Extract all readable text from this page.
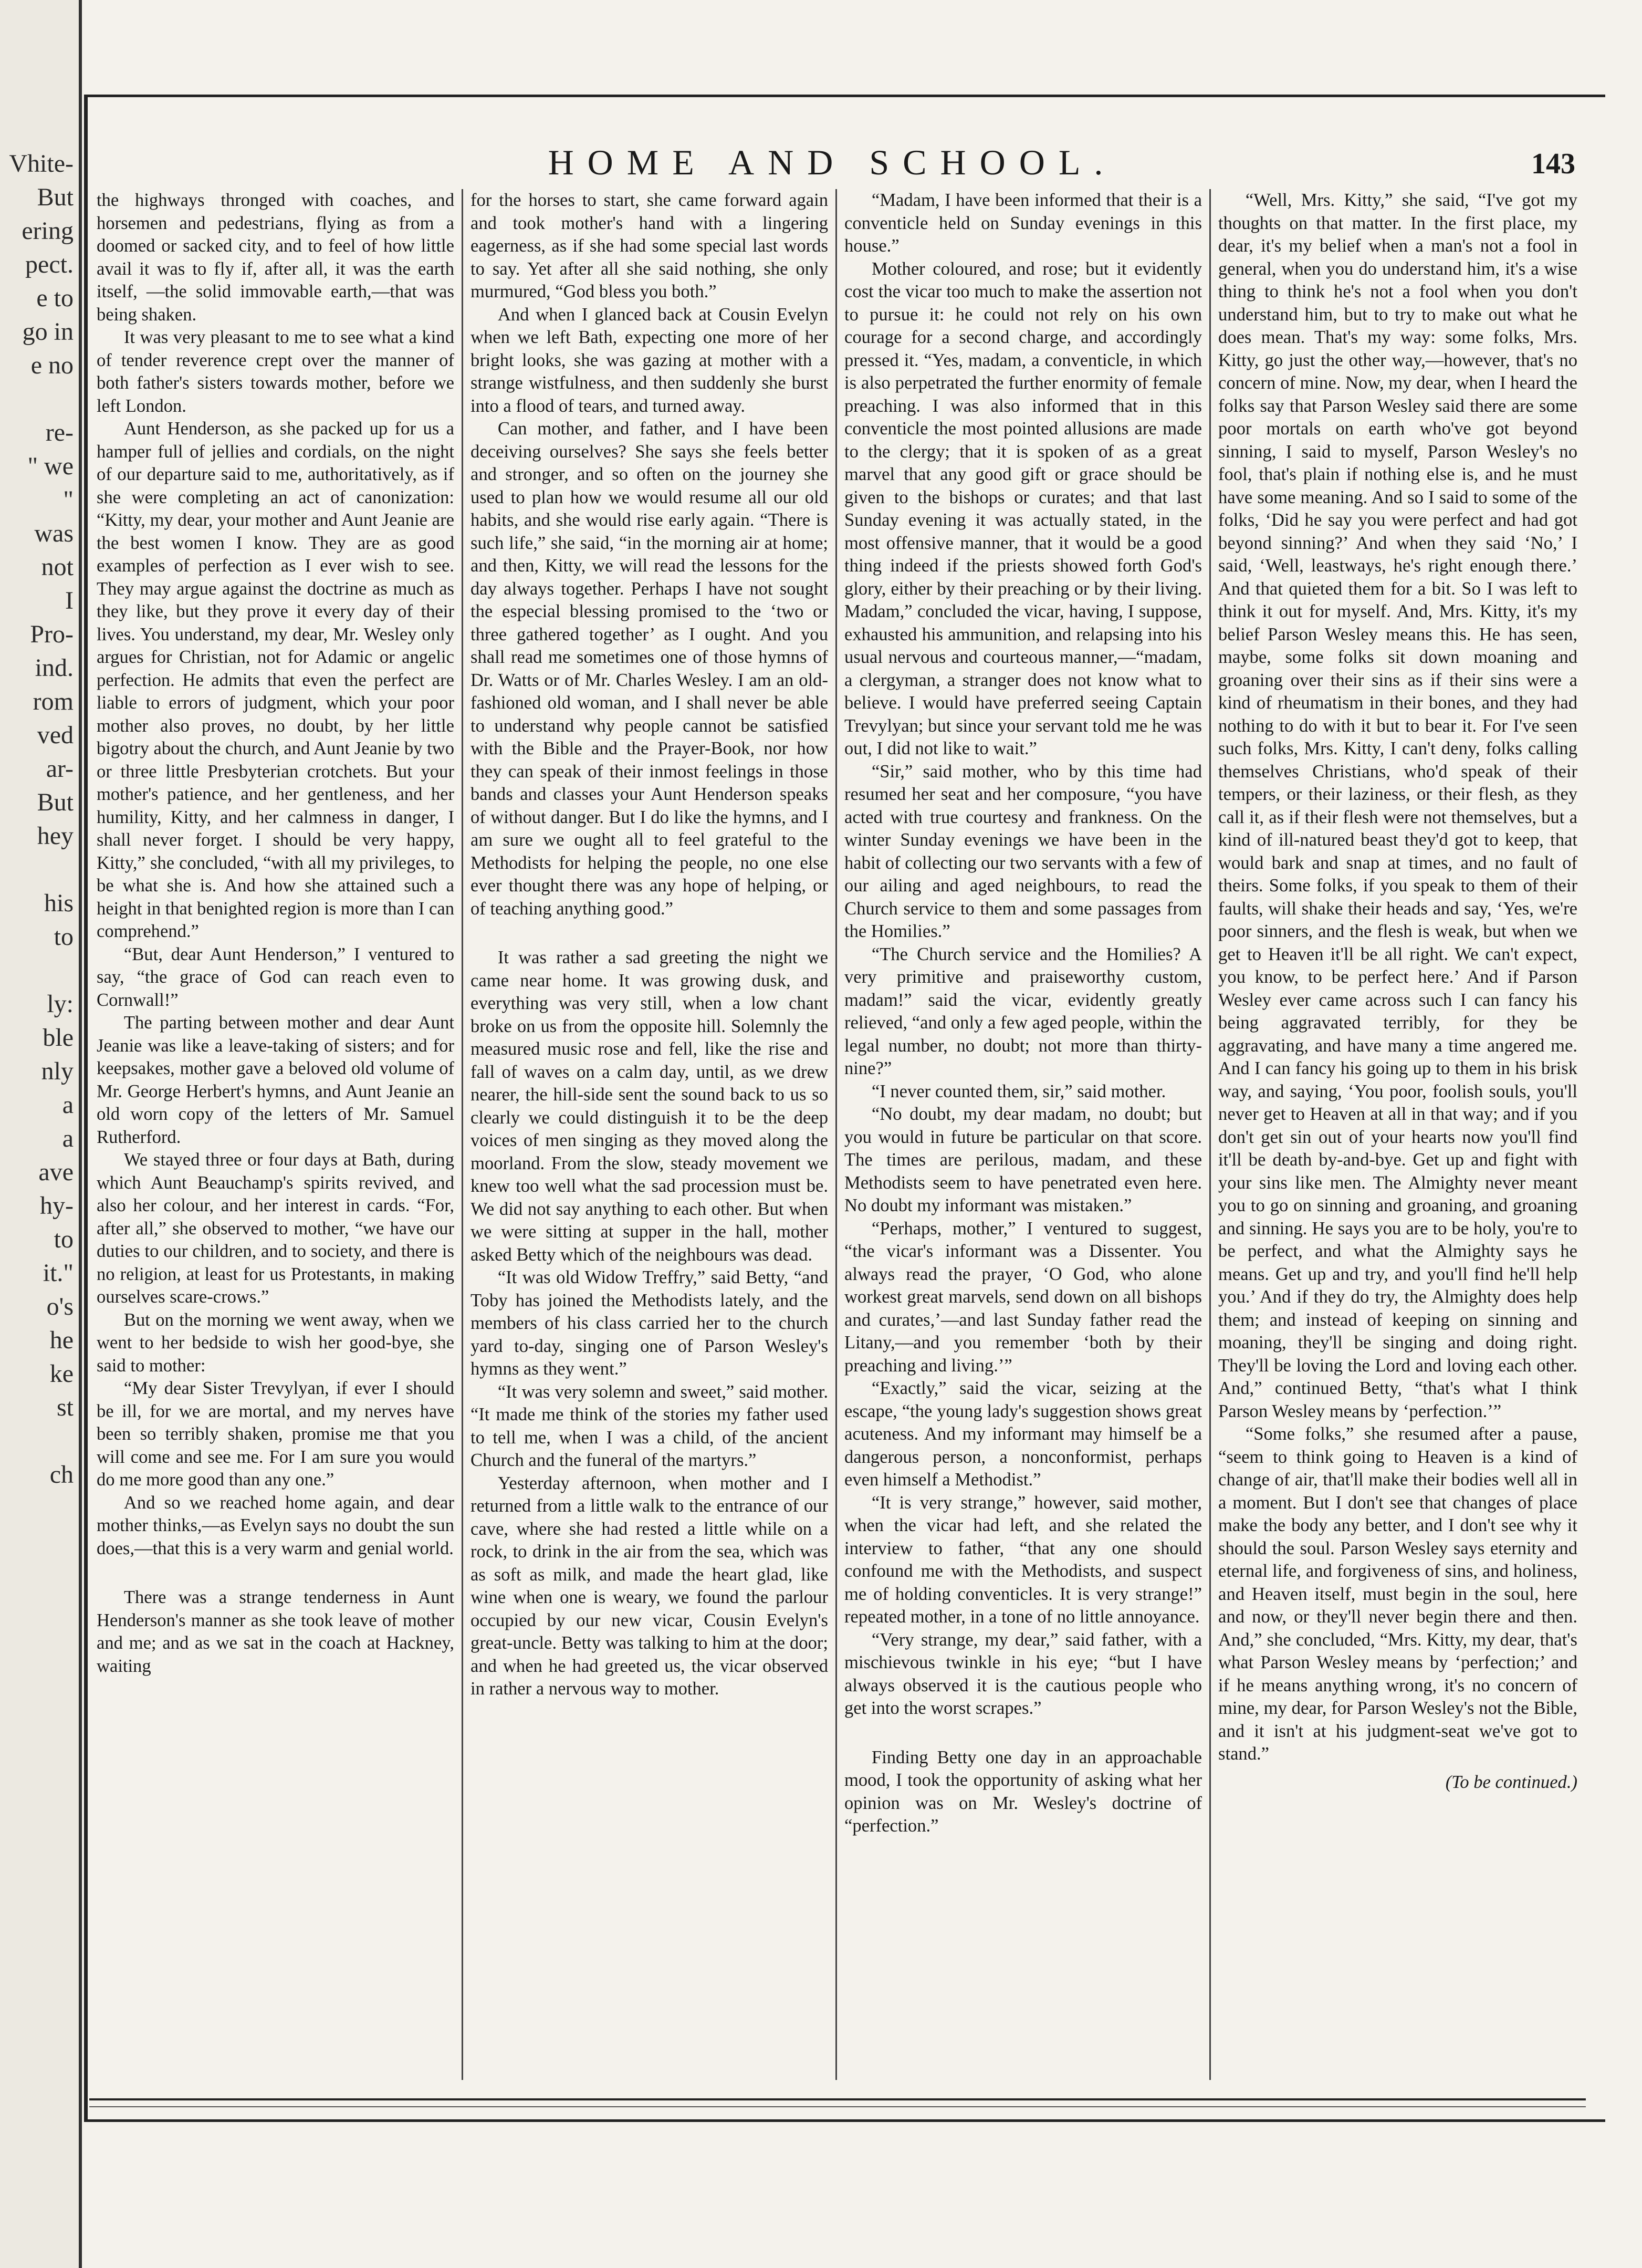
Vhite-
But
ering
pect.
e to
go in
e no

re-
" we
"
was
not
I
Pro-
ind.
rom
ved
ar-
But
hey

his
to

ly:
ble
nly
a
a
ave
hy-
to
it."
o's
he
ke
st

ch
HOME AND SCHOOL.	143

the highways thronged with coaches, and horsemen and pedestrians, flying as from a doomed or sacked city, and to feel of how little avail it was to fly if, after all, it was the earth itself, —the solid immovable earth,—that was being shaken.

It was very pleasant to me to see what a kind of tender reverence crept over the manner of both father's sisters towards mother, before we left London.

Aunt Henderson, as she packed up for us a hamper full of jellies and cordials, on the night of our departure said to me, authoritatively, as if she were completing an act of canonization: “Kitty, my dear, your mother and Aunt Jeanie are the best women I know. They are as good examples of perfection as I ever wish to see. They may argue against the doctrine as much as they like, but they prove it every day of their lives. You understand, my dear, Mr. Wesley only argues for Christian, not for Adamic or angelic perfection. He admits that even the perfect are liable to errors of judgment, which your poor mother also proves, no doubt, by her little bigotry about the church, and Aunt Jeanie by two or three little Presbyterian crotchets. But your mother's patience, and her gentleness, and her humility, Kitty, and her calmness in danger, I shall never forget. I should be very happy, Kitty,” she concluded, “with all my privileges, to be what she is. And how she attained such a height in that benighted region is more than I can comprehend.”

“But, dear Aunt Henderson,” I ventured to say, “the grace of God can reach even to Cornwall!”

The parting between mother and dear Aunt Jeanie was like a leave-taking of sisters; and for keepsakes, mother gave a beloved old volume of Mr. George Herbert's hymns, and Aunt Jeanie an old worn copy of the letters of Mr. Samuel Rutherford.

We stayed three or four days at Bath, during which Aunt Beauchamp's spirits revived, and also her colour, and her interest in cards. “For, after all,” she observed to mother, “we have our duties to our children, and to society, and there is no religion, at least for us Protestants, in making ourselves scare-crows.”

But on the morning we went away, when we went to her bedside to wish her good-bye, she said to mother:

“My dear Sister Trevylyan, if ever I should be ill, for we are mortal, and my nerves have been so terribly shaken, promise me that you will come and see me. For I am sure you would do me more good than any one.”

And so we reached home again, and dear mother thinks,—as Evelyn says no doubt the sun does,—that this is a very warm and genial world.

There was a strange tenderness in Aunt Henderson's manner as she took leave of mother and me; and as we sat in the coach at Hackney, waiting

for the horses to start, she came forward again and took mother's hand with a lingering eagerness, as if she had some special last words to say. Yet after all she said nothing, she only murmured, “God bless you both.”

And when I glanced back at Cousin Evelyn when we left Bath, expecting one more of her bright looks, she was gazing at mother with a strange wistfulness, and then suddenly she burst into a flood of tears, and turned away.

Can mother, and father, and I have been deceiving ourselves? She says she feels better and stronger, and so often on the journey she used to plan how we would resume all our old habits, and she would rise early again. “There is such life,” she said, “in the morning air at home; and then, Kitty, we will read the lessons for the day always together. Perhaps I have not sought the especial blessing promised to the ‘two or three gathered together’ as I ought. And you shall read me sometimes one of those hymns of Dr. Watts or of Mr. Charles Wesley. I am an old-fashioned old woman, and I shall never be able to understand why people cannot be satisfied with the Bible and the Prayer-Book, nor how they can speak of their inmost feelings in those bands and classes your Aunt Henderson speaks of without danger. But I do like the hymns, and I am sure we ought all to feel grateful to the Methodists for helping the people, no one else ever thought there was any hope of helping, or of teaching anything good.”

It was rather a sad greeting the night we came near home. It was growing dusk, and everything was very still, when a low chant broke on us from the opposite hill. Solemnly the measured music rose and fell, like the rise and fall of waves on a calm day, until, as we drew nearer, the hill-side sent the sound back to us so clearly we could distinguish it to be the deep voices of men singing as they moved along the moorland. From the slow, steady movement we knew too well what the sad procession must be. We did not say anything to each other. But when we were sitting at supper in the hall, mother asked Betty which of the neighbours was dead.

“It was old Widow Treffry,” said Betty, “and Toby has joined the Methodists lately, and the members of his class carried her to the church yard to-day, singing one of Parson Wesley's hymns as they went.”

“It was very solemn and sweet,” said mother. “It made me think of the stories my father used to tell me, when I was a child, of the ancient Church and the funeral of the martyrs.”

Yesterday afternoon, when mother and I returned from a little walk to the entrance of our cave, where she had rested a little while on a rock, to drink in the air from the sea, which was as soft as milk, and made the heart glad, like wine when one is weary, we found the parlour occupied by our new vicar, Cousin Evelyn's great-uncle. Betty was talking to him at the door; and when he had greeted us, the vicar observed in rather a nervous way to mother.

“Madam, I have been informed that their is a conventicle held on Sunday evenings in this house.”

Mother coloured, and rose; but it evidently cost the vicar too much to make the assertion not to pursue it: he could not rely on his own courage for a second charge, and accordingly pressed it. “Yes, madam, a conventicle, in which is also perpetrated the further enormity of female preaching. I was also informed that in this conventicle the most pointed allusions are made to the clergy; that it is spoken of as a great marvel that any good gift or grace should be given to the bishops or curates; and that last Sunday evening it was actually stated, in the most offensive manner, that it would be a good thing indeed if the priests showed forth God's glory, either by their preaching or by their living. Madam,” concluded the vicar, having, I suppose, exhausted his ammunition, and relapsing into his usual nervous and courteous manner,—“madam, a clergyman, a stranger does not know what to believe. I would have preferred seeing Captain Trevylyan; but since your servant told me he was out, I did not like to wait.”

“Sir,” said mother, who by this time had resumed her seat and her composure, “you have acted with true courtesy and frankness. On the winter Sunday evenings we have been in the habit of collecting our two servants with a few of our ailing and aged neighbours, to read the Church service to them and some passages from the Homilies.”

“The Church service and the Homilies? A very primitive and praiseworthy custom, madam!” said the vicar, evidently greatly relieved, “and only a few aged people, within the legal number, no doubt; not more than thirty-nine?”

“I never counted them, sir,” said mother.

“No doubt, my dear madam, no doubt; but you would in future be particular on that score. The times are perilous, madam, and these Methodists seem to have penetrated even here. No doubt my informant was mistaken.”

“Perhaps, mother,” I ventured to suggest, “the vicar's informant was a Dissenter. You always read the prayer, ‘O God, who alone workest great marvels, send down on all bishops and curates,’—and last Sunday father read the Litany,—and you remember ‘both by their preaching and living.’”

“Exactly,” said the vicar, seizing at the escape, “the young lady's suggestion shows great acuteness. And my informant may himself be a dangerous person, a nonconformist, perhaps even himself a Methodist.”

“It is very strange,” however, said mother, when the vicar had left, and she related the interview to father, “that any one should confound me with the Methodists, and suspect me of holding conventicles. It is very strange!” repeated mother, in a tone of no little annoyance.

“Very strange, my dear,” said father, with a mischievous twinkle in his eye; “but I have always observed it is the cautious people who get into the worst scrapes.”

Finding Betty one day in an approachable mood, I took the opportunity of asking what her opinion was on Mr. Wesley's doctrine of “perfection.”

“Well, Mrs. Kitty,” she said, “I've got my thoughts on that matter. In the first place, my dear, it's my belief when a man's not a fool in general, when you do understand him, it's a wise thing to think he's not a fool when you don't understand him, but to try to make out what he does mean. That's my way: some folks, Mrs. Kitty, go just the other way,—however, that's no concern of mine. Now, my dear, when I heard the folks say that Parson Wesley said there are some poor mortals on earth who've got beyond sinning, I said to myself, Parson Wesley's no fool, that's plain if nothing else is, and he must have some meaning. And so I said to some of the folks, ‘Did he say you were perfect and had got beyond sinning?’ And when they said ‘No,’ I said, ‘Well, leastways, he's right enough there.’ And that quieted them for a bit. So I was left to think it out for myself. And, Mrs. Kitty, it's my belief Parson Wesley means this. He has seen, maybe, some folks sit down moaning and groaning over their sins as if their sins were a kind of rheumatism in their bones, and they had nothing to do with it but to bear it. For I've seen such folks, Mrs. Kitty, I can't deny, folks calling themselves Christians, who'd speak of their tempers, or their laziness, or their flesh, as they call it, as if their flesh were not themselves, but a kind of ill-natured beast they'd got to keep, that would bark and snap at times, and no fault of theirs. Some folks, if you speak to them of their faults, will shake their heads and say, ‘Yes, we're poor sinners, and the flesh is weak, but when we get to Heaven it'll be all right. We can't expect, you know, to be perfect here.’ And if Parson Wesley ever came across such I can fancy his being aggravated terribly, for they be aggravating, and have many a time angered me. And I can fancy his going up to them in his brisk way, and saying, ‘You poor, foolish souls, you'll never get to Heaven at all in that way; and if you don't get sin out of your hearts now you'll find it'll be death by-and-bye. Get up and fight with your sins like men. The Almighty never meant you to go on sinning and groaning, and groaning and sinning. He says you are to be holy, you're to be perfect, and what the Almighty says he means. Get up and try, and you'll find he'll help you.’ And if they do try, the Almighty does help them; and instead of keeping on sinning and moaning, they'll be singing and doing right. They'll be loving the Lord and loving each other. And,” continued Betty, “that's what I think Parson Wesley means by ‘perfection.’”

“Some folks,” she resumed after a pause, “seem to think going to Heaven is a kind of change of air, that'll make their bodies well all in a moment. But I don't see that changes of place make the body any better, and I don't see why it should the soul. Parson Wesley says eternity and eternal life, and forgiveness of sins, and holiness, and Heaven itself, must begin in the soul, here and now, or they'll never begin there and then. And,” she concluded, “Mrs. Kitty, my dear, that's what Parson Wesley means by ‘perfection;’ and if he means anything wrong, it's no concern of mine, my dear, for Parson Wesley's not the Bible, and it isn't at his judgment-seat we've got to stand.”

(To be continued.)
